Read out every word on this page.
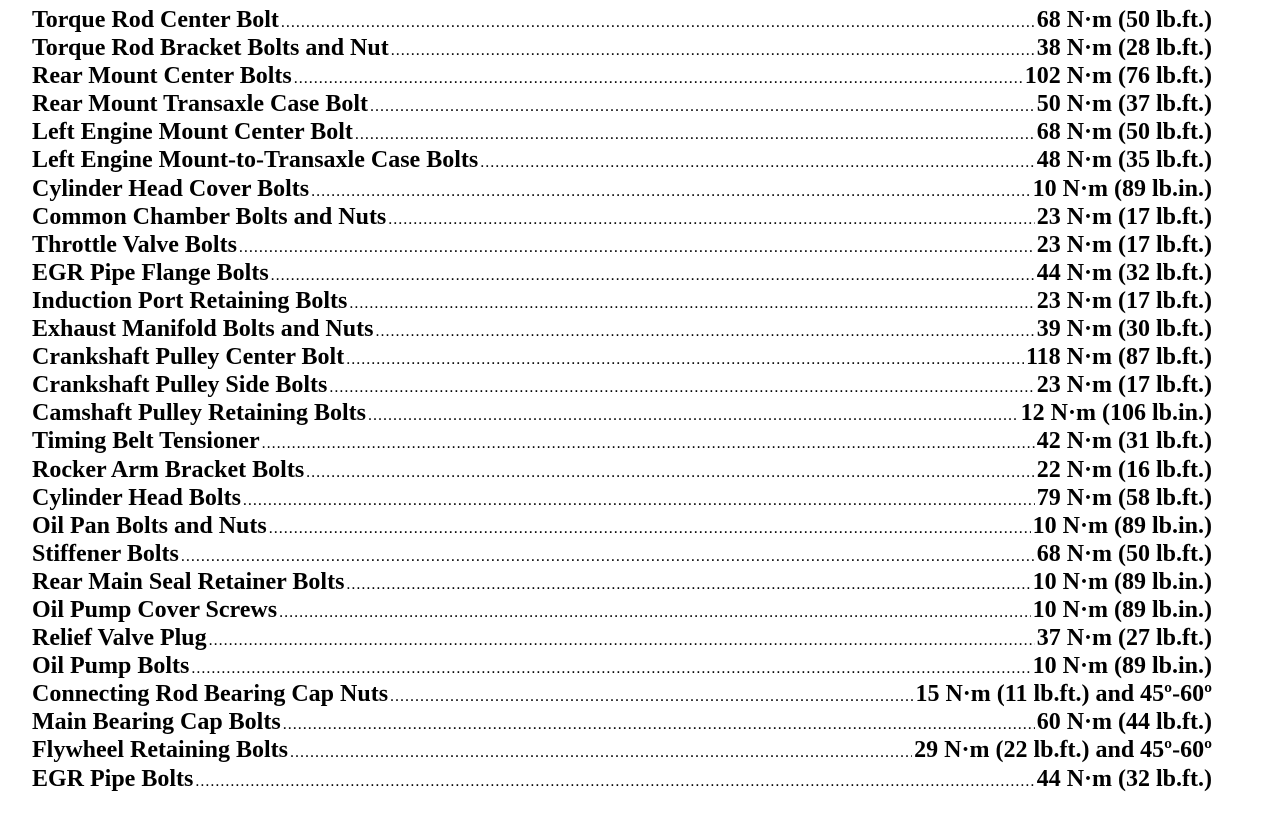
Torque Rod Center Bolt .....	68 N·m (50 lb.ft.)
Torque Rod Bracket Bolts and Nut .....	38 N·m (28 lb.ft.)
Rear Mount Center Bolts .....	102 N·m (76 lb.ft.)
Rear Mount Transaxle Case Bolt .....	50 N·m (37 lb.ft.)
Left Engine Mount Center Bolt .....	68 N·m (50 lb.ft.)
Left Engine Mount-to-Transaxle Case Bolts .....	48 N·m (35 lb.ft.)
Cylinder Head Cover Bolts .....	10 N·m (89 lb.in.)
Common Chamber Bolts and Nuts .....	23 N·m (17 lb.ft.)
Throttle Valve Bolts .....	23 N·m (17 lb.ft.)
EGR Pipe Flange Bolts .....	44 N·m (32 lb.ft.)
Induction Port Retaining Bolts .....	23 N·m (17 lb.ft.)
Exhaust Manifold Bolts and Nuts .....	39 N·m (30 lb.ft.)
Crankshaft Pulley Center Bolt .....	118 N·m (87 lb.ft.)
Crankshaft Pulley Side Bolts .....	23 N·m (17 lb.ft.)
Camshaft Pulley Retaining Bolts .....	12 N·m (106 lb.in.)
Timing Belt Tensioner .....	42 N·m (31 lb.ft.)
Rocker Arm Bracket Bolts .....	22 N·m (16 lb.ft.)
Cylinder Head Bolts .....	79 N·m (58 lb.ft.)
Oil Pan Bolts and Nuts .....	10 N·m (89 lb.in.)
Stiffener Bolts .....	68 N·m (50 lb.ft.)
Rear Main Seal Retainer Bolts .....	10 N·m (89 lb.in.)
Oil Pump Cover Screws .....	10 N·m (89 lb.in.)
Relief Valve Plug .....	37 N·m (27 lb.ft.)
Oil Pump Bolts .....	10 N·m (89 lb.in.)
Connecting Rod Bearing Cap Nuts .....	15 N·m (11 lb.ft.) and 45º-60º
Main Bearing Cap Bolts .....	60 N·m (44 lb.ft.)
Flywheel Retaining Bolts .....	29 N·m (22 lb.ft.) and 45º-60º
EGR Pipe Bolts .....	44 N·m (32 lb.ft.)
